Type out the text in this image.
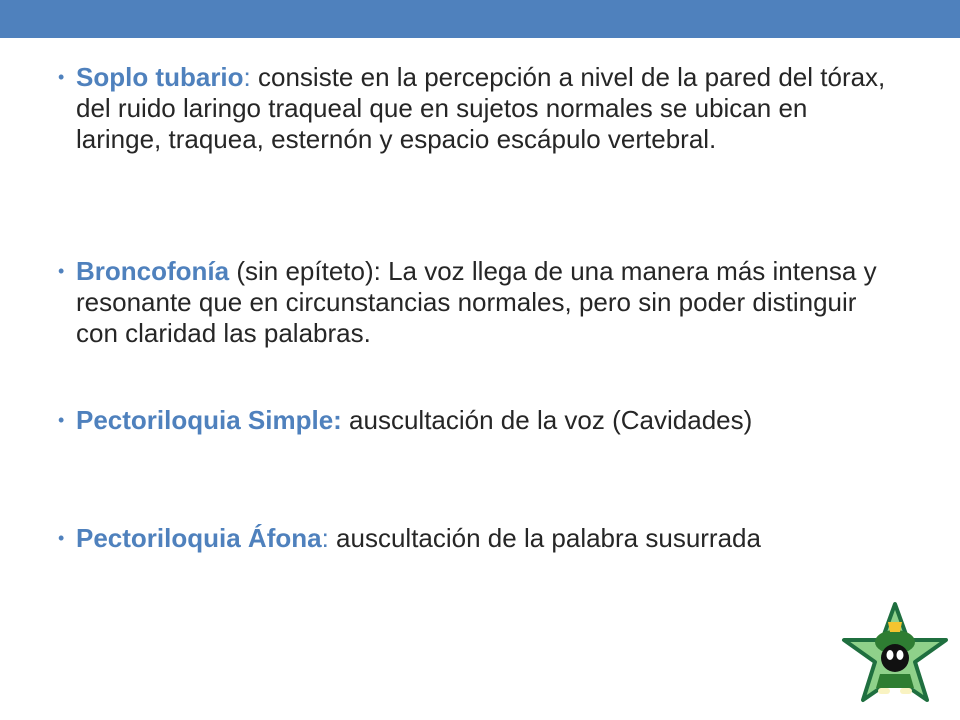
• Soplo tubario: consiste en la percepción a nivel de la pared del tórax, del ruido laringo traqueal que en sujetos normales se ubican en laringe, traquea, esternón y espacio escápulo vertebral.
• Broncofonía (sin epíteto): La voz llega de una manera más intensa y resonante que en circunstancias normales, pero sin poder distinguir con claridad las palabras.
• Pectoriloquia Simple: auscultación de la voz (Cavidades)
• Pectoriloquia Áfona: auscultación de la palabra susurrada
